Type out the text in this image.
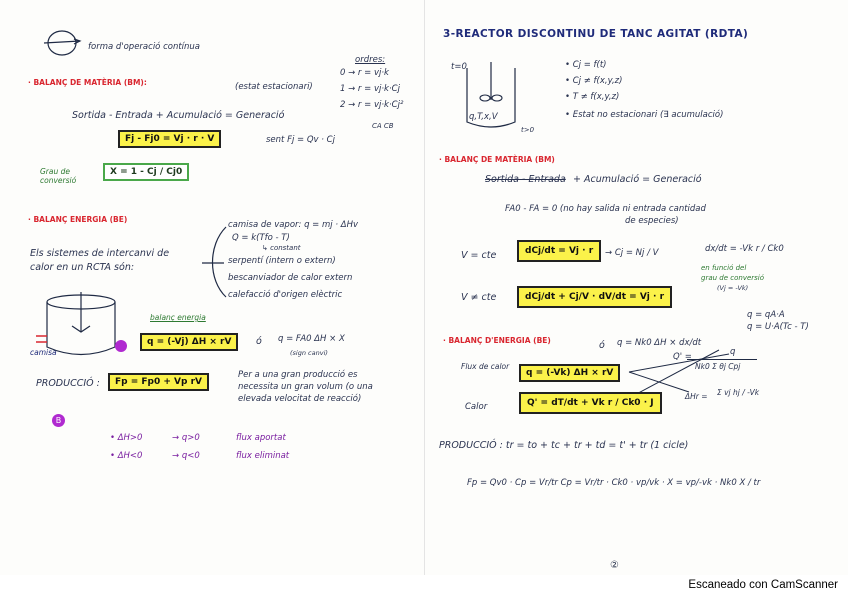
forma d'operació contínua
· BALANÇ DE MATÈRIA (BM):	(estat estacionari)
ordres:
0 → r = vj·k
1 → r = vj·k·Cj
2 → r = vj·k·Cj²
CA CB
Sortida - Entrada + Acumulació = Generació
Fj - Fj0 = Vj · r · V	sent Fj = Qv · Cj
Grau de conversió
X = 1 - Cj / Cj0
· BALANÇ ENERGIA (BE)
Els sistemes de intercanvi de
calor en un RCTA són:
camisa de vapor: q = mj · ΔHv
Q = k(Tfo - T)
↳ constant
serpentí (intern o extern)
bescanviador de calor extern
calefacció d'origen elèctric
camisa
balanç energia
q = (-Vj) ΔH × rV	ó q = FA0 ΔH × X
(sign canvi)
PRODUCCIÓ :	Fp = Fp0 + Vp rV
Per a una gran producció es
necessita un gran volum (o una
elevada velocitat de reacció)
B
• ΔH>0	→ q>0	flux aportat
• ΔH<0	→ q<0	flux eliminat
3-REACTOR DISCONTINU DE TANC AGITAT (RDTA)
t=0
q,T,x,V
t>0
• Cj = f(t)
• Cj ≠ f(x,y,z)
• T ≠ f(x,y,z)
• Estat no estacionari (∃ acumulació)
· BALANÇ DE MATÈRIA (BM)
Sortida - Entrada + Acumulació = Generació
FA0 - FA = 0 (no hay salida ni entrada cantidad
de especies)
V = cte	dCj/dt = Vj · r	→ Cj = Nj / V	dx/dt = -Vk r / Ck0
en funció del
grau de conversió
(Vj = -Vk)
V ≠ cte	dCj/dt + Cj/V · dV/dt = Vj · r
· BALANÇ D'ENERGIA (BE)	ó q = Nk0 ΔH × dx/dt
q = qA·A
q = U·A(Tc - T)
Flux de calor
q = (-Vk) ΔH × rV
q
Nk0 Σ θj Cpj
Q' =
Calor	Q' = dT/dt + Vk r / Ck0 · J
ΔHr = Σ vj hj / -Vk
PRODUCCIÓ : tr = to + tc + tr + td = t' + tr (1 cicle)
Fp = Qv0 · Cp = Vr/tr Cp = Vr/tr · Ck0 · vp/vk · X = vp/-vk · Nk0 X / tr
②
Escaneado con CamScanner
